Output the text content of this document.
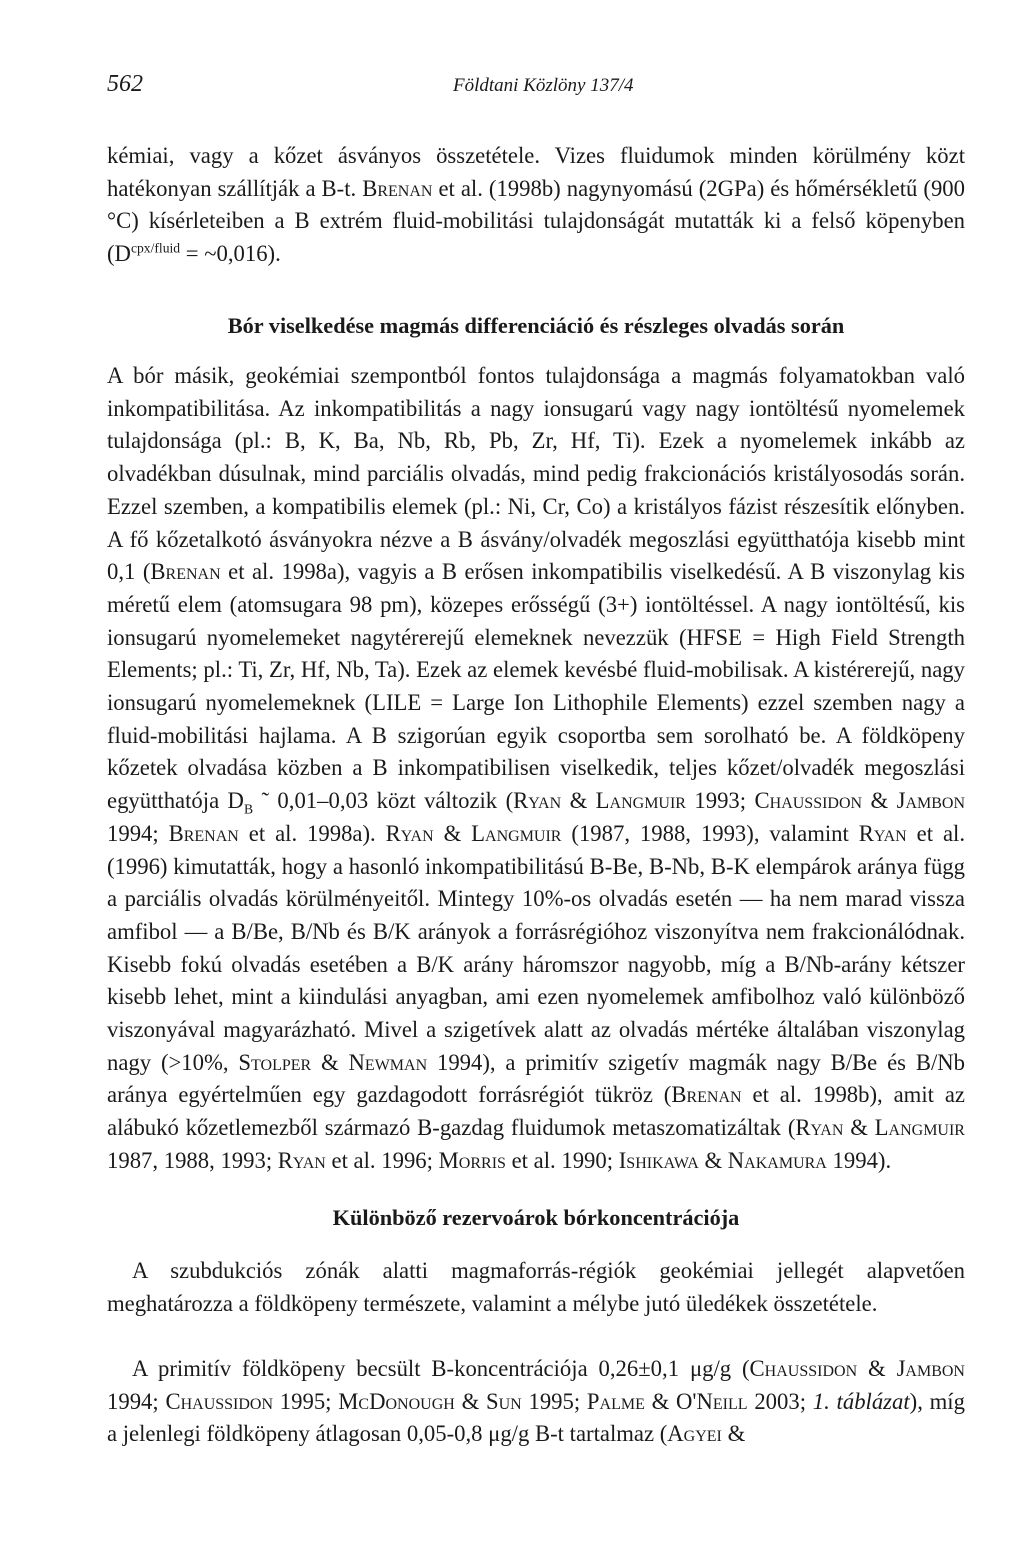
562	Földtani Közlöny 137/4

kémiai, vagy a kőzet ásványos összetétele. Vizes fluidumok minden körülmény közt hatékonyan szállítják a B-t. Brenan et al. (1998b) nagynyomású (2GPa) és hőmérsékletű (900 °C) kísérleteiben a B extrém fluid-mobilitási tulajdonságát mutatták ki a felső köpenyben ($D^{cpx/fluid}$ = ~0,016).

Bór viselkedése magmás differenciáció és részleges olvadás során

A bór másik, geokémiai szempontból fontos tulajdonsága a magmás folyamatokban való inkompatibilitása. Az inkompatibilitás a nagy ionsugarú vagy nagy iontöltésű nyomelemek tulajdonsága (pl.: B, K, Ba, Nb, Rb, Pb, Zr, Hf, Ti). Ezek a nyomelemek inkább az olvadékban dúsulnak, mind parciális olvadás, mind pedig frakcionációs kristályosodás során. Ezzel szemben, a kompatibilis elemek (pl.: Ni, Cr, Co) a kristályos fázist részesítik előnyben. A fő kőzetalkotó ásványokra nézve a B ásvány/olvadék megoszlási együtthatója kisebb mint 0,1 (Brenan et al. 1998a), vagyis a B erősen inkompatibilis viselkedésű. A B viszonylag kis méretű elem (atomsugara 98 pm), közepes erősségű (3+) iontöltéssel. A nagy iontöltésű, kis ionsugarú nyomelemeket nagytérerejű elemeknek nevezzük (HFSE = High Field Strength Elements; pl.: Ti, Zr, Hf, Nb, Ta). Ezek az elemek kevésbé fluid-mobilisak. A kistérerejű, nagy ionsugarú nyomelemeknek (LILE = Large Ion Lithophile Elements) ezzel szemben nagy a fluid-mobilitási hajlama. A B szigorúan egyik csoportba sem sorolható be. A földköpeny kőzetek olvadása közben a B inkompatibilisen viselkedik, teljes kőzet/olvadék megoszlási együtthatója $D_B$ ˜ 0,01–0,03 közt változik (Ryan & Langmuir 1993; Chaussidon & Jambon 1994; Brenan et al. 1998a). Ryan & Langmuir (1987, 1988, 1993), valamint Ryan et al. (1996) kimutatták, hogy a hasonló inkompatibilitású B-Be, B-Nb, B-K elempárok aránya függ a parciális olvadás körülményeitől. Mintegy 10%-os olvadás esetén — ha nem marad vissza amfibol — a B/Be, B/Nb és B/K arányok a forrásrégióhoz viszonyítva nem frakcionálódnak. Kisebb fokú olvadás esetében a B/K arány háromszor nagyobb, míg a B/Nb-arány kétszer kisebb lehet, mint a kiindulási anyagban, ami ezen nyomelemek amfibolhoz való különböző viszonyával magyarázható. Mivel a szigetívek alatt az olvadás mértéke általában viszonylag nagy (>10%, Stolper & Newman 1994), a primitív szigetív magmák nagy B/Be és B/Nb aránya egyértelműen egy gazdagodott forrásrégiót tükröz (Brenan et al. 1998b), amit az alábukó kőzetlemezből származó B-gazdag fluidumok metaszomatizáltak (Ryan & Langmuir 1987, 1988, 1993; Ryan et al. 1996; Morris et al. 1990; Ishikawa & Nakamura 1994).

Különböző rezervoárok bórkoncentrációja

A szubdukciós zónák alatti magmaforrás-régiók geokémiai jellegét alapvetően meghatározza a földköpeny természete, valamint a mélybe jutó üledékek összetétele.

A primitív földköpeny becsült B-koncentrációja 0,26±0,1 μg/g (Chaussidon & Jambon 1994; Chaussidon 1995; McDonough & Sun 1995; Palme & O'Neill 2003; 1. táblázat), míg a jelenlegi földköpeny átlagosan 0,05-0,8 μg/g B-t tartalmaz (Agyei &
